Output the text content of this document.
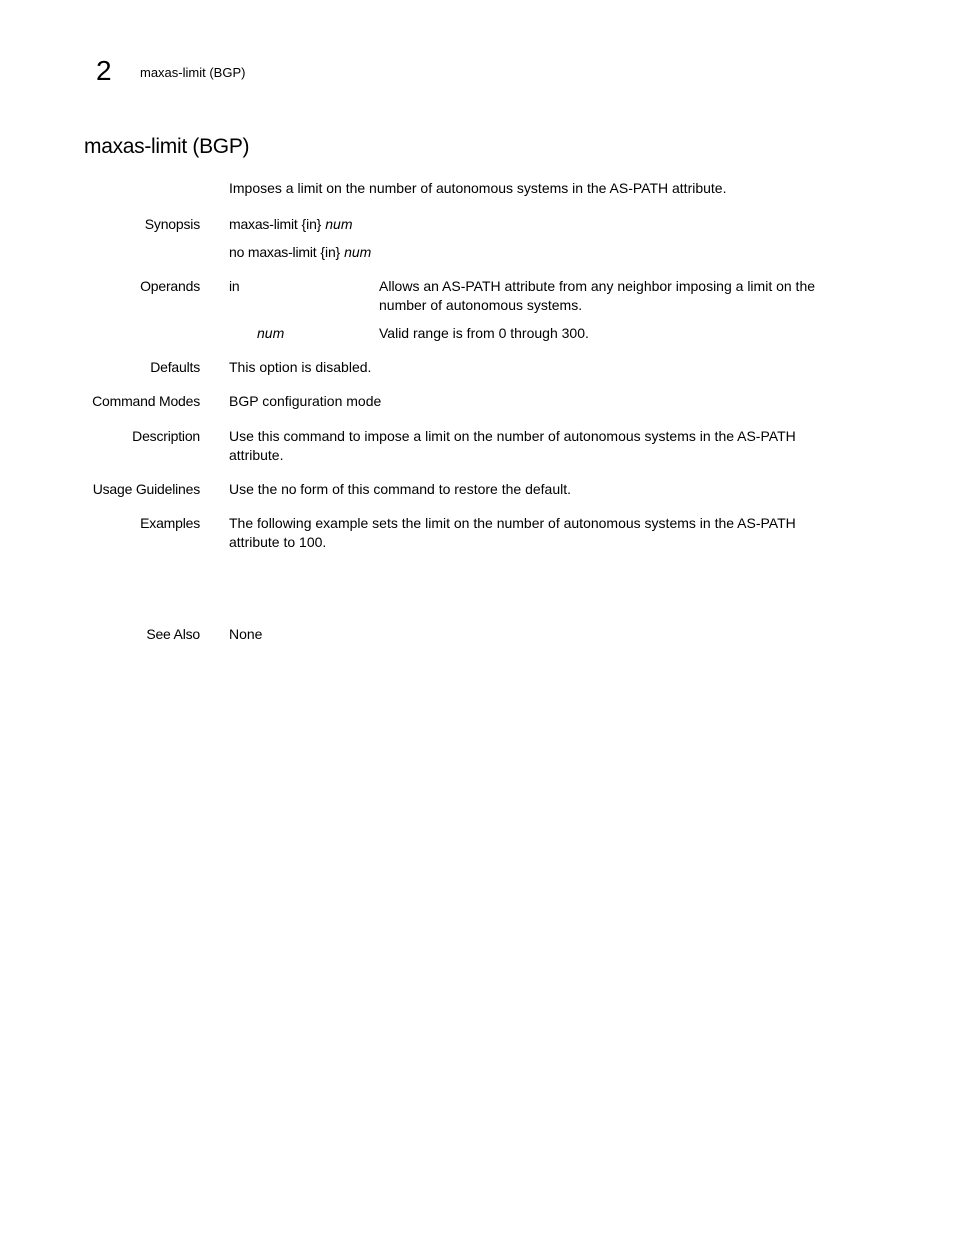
2 maxas-limit (BGP)
maxas-limit (BGP)
Imposes a limit on the number of autonomous systems in the AS-PATH attribute.
Synopsis maxas-limit {in} num
no maxas-limit {in} num
Operands in	Allows an AS-PATH attribute from any neighbor imposing a limit on the number of autonomous systems.
num	Valid range is from 0 through 300.
Defaults This option is disabled.
Command Modes BGP configuration mode
Description Use this command to impose a limit on the number of autonomous systems in the AS-PATH attribute.
Usage Guidelines Use the no form of this command to restore the default.
Examples The following example sets the limit on the number of autonomous systems in the AS-PATH attribute to 100.
See Also None
